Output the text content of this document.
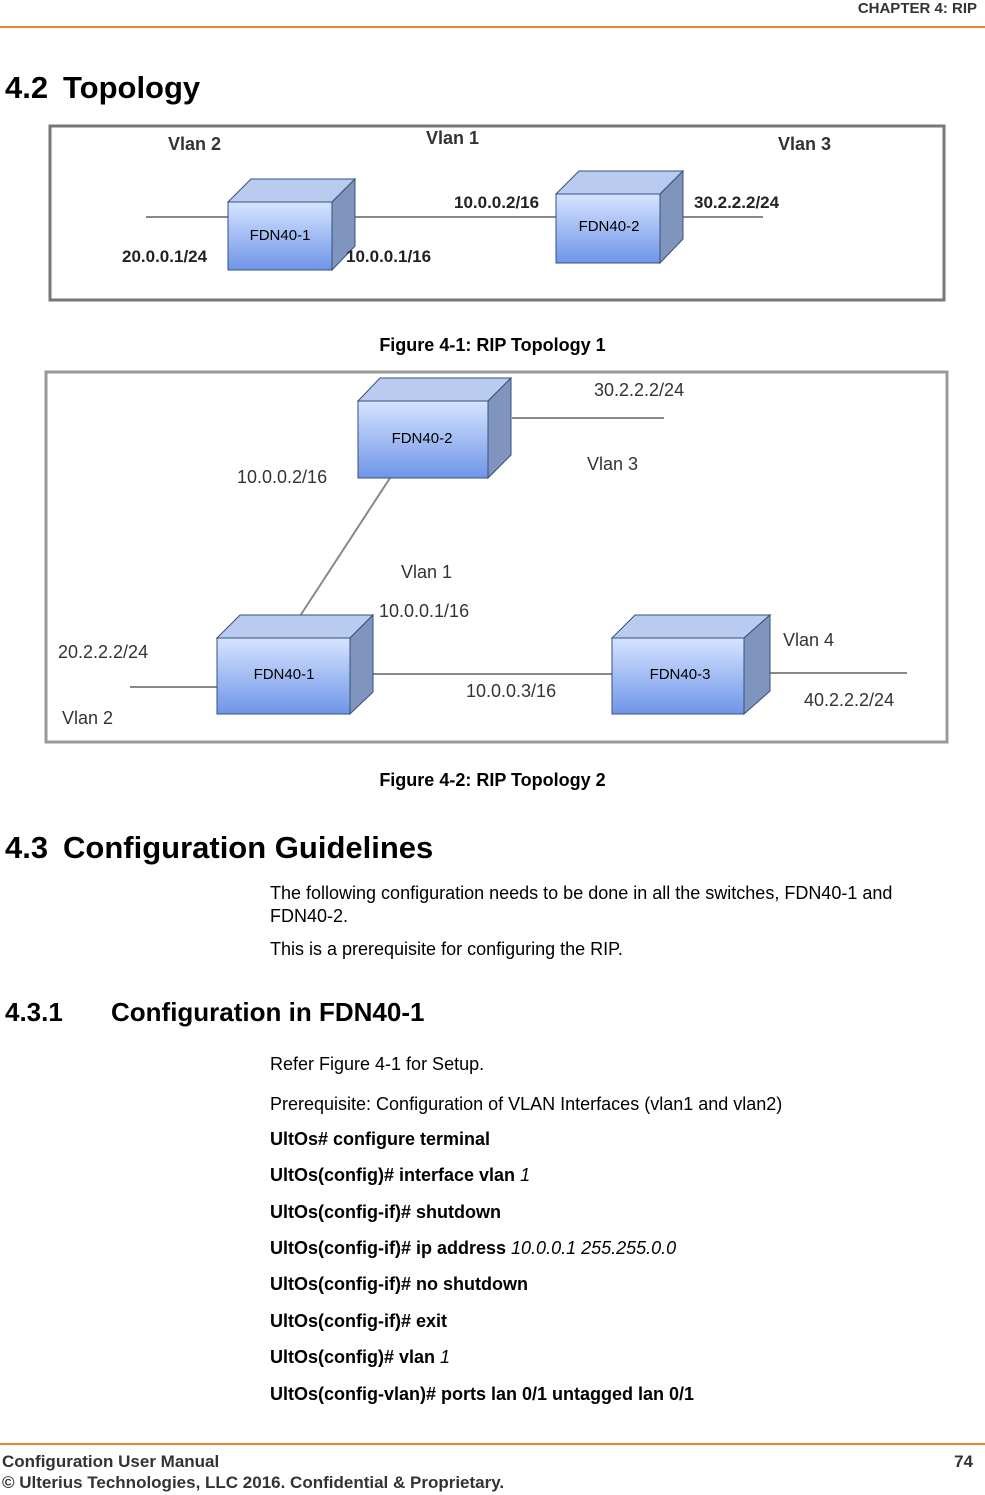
CHAPTER 4: RIP
4.2 Topology
FDN40-1
FDN40-2
Vlan 2	Vlan 1	Vlan 3
10.0.0.2/16	30.2.2.2/24
20.0.0.1/24	10.0.0.1/16
Figure 4-1: RIP Topology 1
FDN40-2
FDN40-1	FDN40-3
30.2.2.2/24
Vlan 3
10.0.0.2/16
Vlan 1
10.0.0.1/16
20.2.2.2/24
Vlan 2
10.0.0.3/16
Vlan 4
40.2.2.2/24
Figure 4-2: RIP Topology 2
4.3 Configuration Guidelines
The following configuration needs to be done in all the switches, FDN40-1 and FDN40-2.
This is a prerequisite for configuring the RIP.
4.3.1 Configuration in FDN40-1
Refer Figure 4-1 for Setup.
Prerequisite: Configuration of VLAN Interfaces (vlan1 and vlan2)
UltOs# configure terminal
UltOs(config)# interface vlan 1
UltOs(config-if)# shutdown
UltOs(config-if)# ip address 10.0.0.1 255.255.0.0
UltOs(config-if)# no shutdown
UltOs(config-if)# exit
UltOs(config)# vlan 1
UltOs(config-vlan)# ports lan 0/1 untagged lan 0/1
Configuration User Manual	74
© Ulterius Technologies, LLC 2016. Confidential & Proprietary.
